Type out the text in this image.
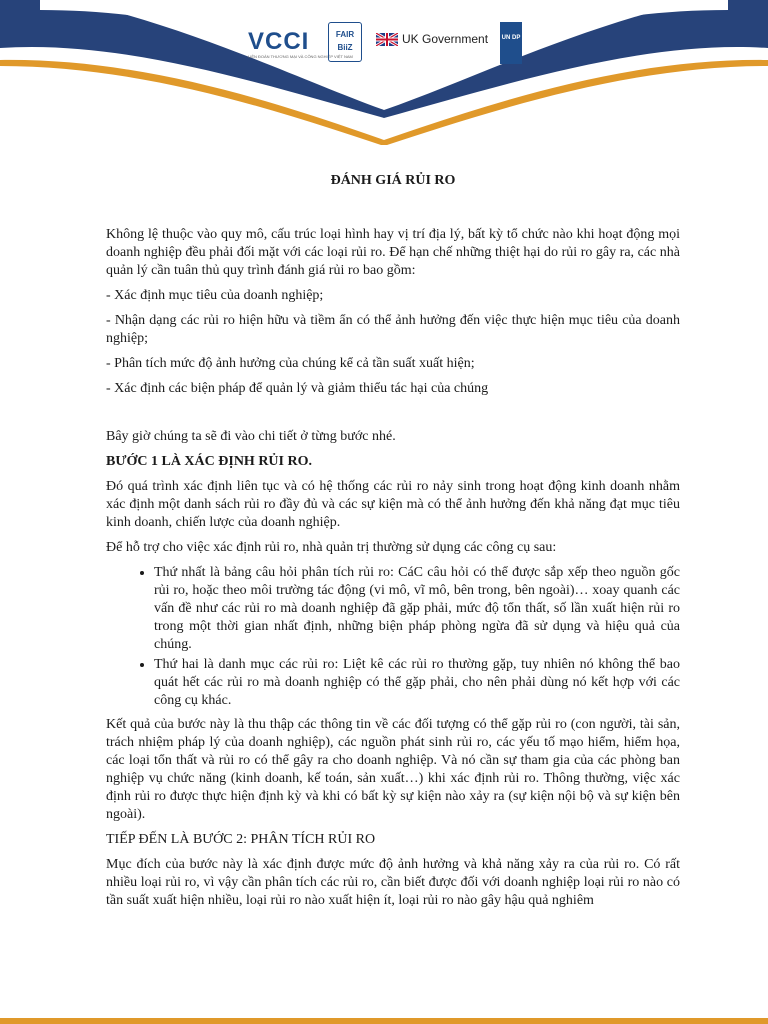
VCCI
LIÊN ĐOÀN THƯƠNG MẠI VÀ CÔNG NGHIỆP VIỆT NAM
FAIR BiiZ
UK Government UN DP
ĐÁNH GIÁ RỦI RO

Không lệ thuộc vào quy mô, cấu trúc loại hình hay vị trí địa lý, bất kỳ tổ chức nào khi hoạt động mọi doanh nghiệp đều phải đối mặt với các loại rủi ro. Để hạn chế những thiệt hại do rủi ro gây ra, các nhà quản lý cần tuân thủ quy trình đánh giá rủi ro bao gồm:

- Xác định mục tiêu của doanh nghiệp;

- Nhận dạng các rủi ro hiện hữu và tiềm ẩn có thể ảnh hưởng đến việc thực hiện mục tiêu của doanh nghiệp;

- Phân tích mức độ ảnh hưởng của chúng kể cả tần suất xuất hiện;

- Xác định các biện pháp để quản lý và giảm thiểu tác hại của chúng

Bây giờ chúng ta sẽ đi vào chi tiết ở từng bước nhé.

BƯỚC 1 LÀ XÁC ĐỊNH RỦI RO.

Đó quá trình xác định liên tục và có hệ thống các rủi ro nảy sinh trong hoạt động kinh doanh nhằm xác định một danh sách rủi ro đầy đủ và các sự kiện mà có thể ảnh hưởng đến khả năng đạt mục tiêu kinh doanh, chiến lược của doanh nghiệp.

Để hỗ trợ cho việc xác định rủi ro, nhà quản trị thường sử dụng các công cụ sau:

• Thứ nhất là bảng câu hỏi phân tích rủi ro: CáC câu hỏi có thể được sắp xếp theo nguồn gốc rủi ro, hoặc theo môi trường tác động (vi mô, vĩ mô, bên trong, bên ngoài)… xoay quanh các vấn đề như các rủi ro mà doanh nghiệp đã gặp phải, mức độ tổn thất, số lần xuất hiện rủi ro trong một thời gian nhất định, những biện pháp phòng ngừa đã sử dụng và hiệu quả của chúng.
• Thứ hai là danh mục các rủi ro: Liệt kê các rủi ro thường gặp, tuy nhiên nó không thể bao quát hết các rủi ro mà doanh nghiệp có thể gặp phải, cho nên phải dùng nó kết hợp với các công cụ khác.

Kết quả của bước này là thu thập các thông tin về các đối tượng có thể gặp rủi ro (con người, tài sản, trách nhiệm pháp lý của doanh nghiệp), các nguồn phát sinh rủi ro, các yếu tố mạo hiểm, hiểm họa, các loại tổn thất và rủi ro có thể gây ra cho doanh nghiệp. Và nó cần sự tham gia của các phòng ban nghiệp vụ chức năng (kinh doanh, kế toán, sản xuất…) khi xác định rủi ro. Thông thường, việc xác định rủi ro được thực hiện định kỳ và khi có bất kỳ sự kiện nào xảy ra (sự kiện nội bộ và sự kiện bên ngoài).

TIẾP ĐẾN LÀ BƯỚC 2: PHÂN TÍCH RỦI RO

Mục đích của bước này là xác định được mức độ ảnh hưởng và khả năng xảy ra của rủi ro. Có rất nhiều loại rủi ro, vì vậy cần phân tích các rủi ro, cần biết được đối với doanh nghiệp loại rủi ro nào có tần suất xuất hiện nhiều, loại rủi ro nào xuất hiện ít, loại rủi ro nào gây hậu quả nghiêm
